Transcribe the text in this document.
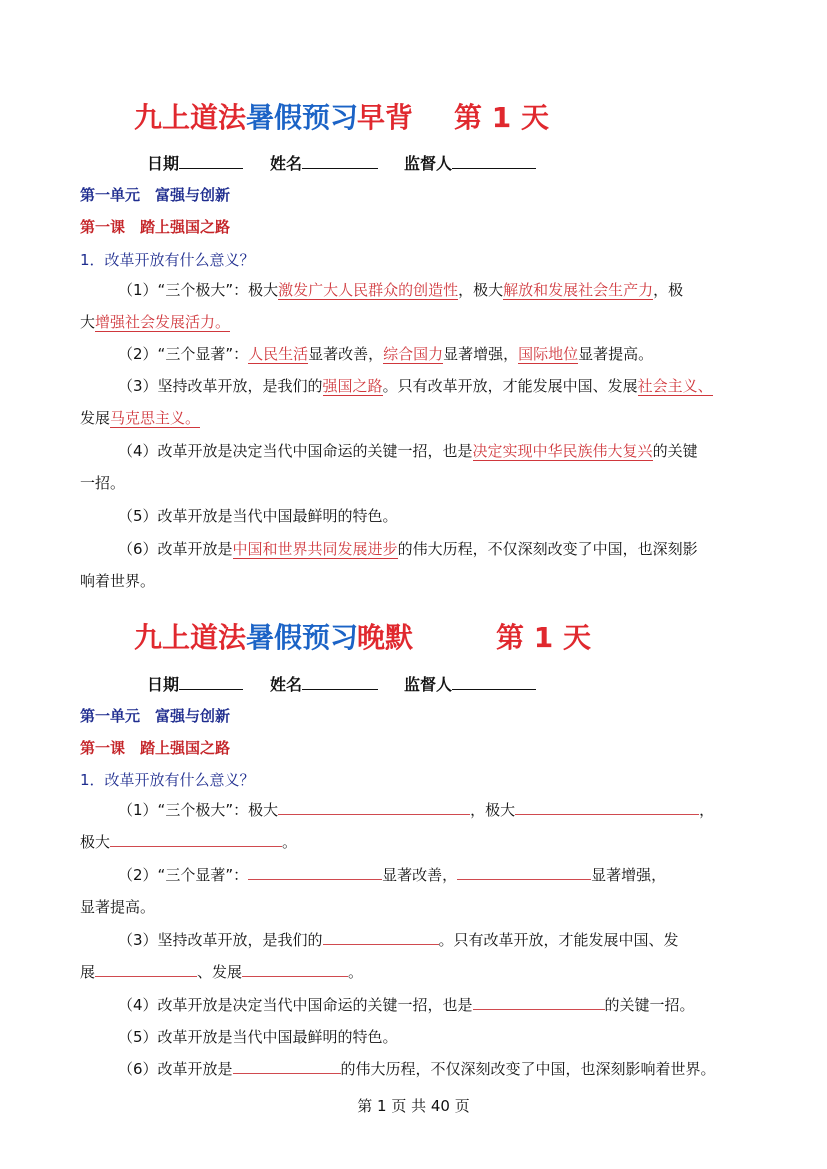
九上道法 暑假预习
早背 第 1 天
日期	姓名	监督人
第一单元　富强与创新
第一课　踏上强国之路
1．改革开放有什么意义？
（1）“三个极大”：极大激发广大人民群众的创造性，极大解放和发展社会生产力，极
大增强社会发展活力。
（2）“三个显著”：人民生活显著改善，综合国力显著增强，国际地位显著提高。
（3）坚持改革开放，是我们的强国之路。只有改革开放，才能发展中国、发展社会主义、
发展马克思主义。
（4）改革开放是决定当代中国命运的关键一招，也是决定实现中华民族伟大复兴的关键
一招。
（5）改革开放是当代中国最鲜明的特色。
（6）改革开放是中国和世界共同发展进步的伟大历程，不仅深刻改变了中国，也深刻影
响着世界。
九上道法 暑假预习
晚默	第 1 天
日期	姓名	监督人
第一单元　富强与创新
第一课　踏上强国之路
1．改革开放有什么意义？
（1）“三个极大”：极大	，极大	，
极大	。
（2）“三个显著”：	显著改善，	显著增强，
显著提高。
（3）坚持改革开放，是我们的	。只有改革开放，才能发展中国、发
展	、发展	。
（4）改革开放是决定当代中国命运的关键一招，也是	的关键一招。
（5）改革开放是当代中国最鲜明的特色。
（6）改革开放是	的伟大历程，不仅深刻改变了中国，也深刻影响着世界。
第 1 页 共 40 页
